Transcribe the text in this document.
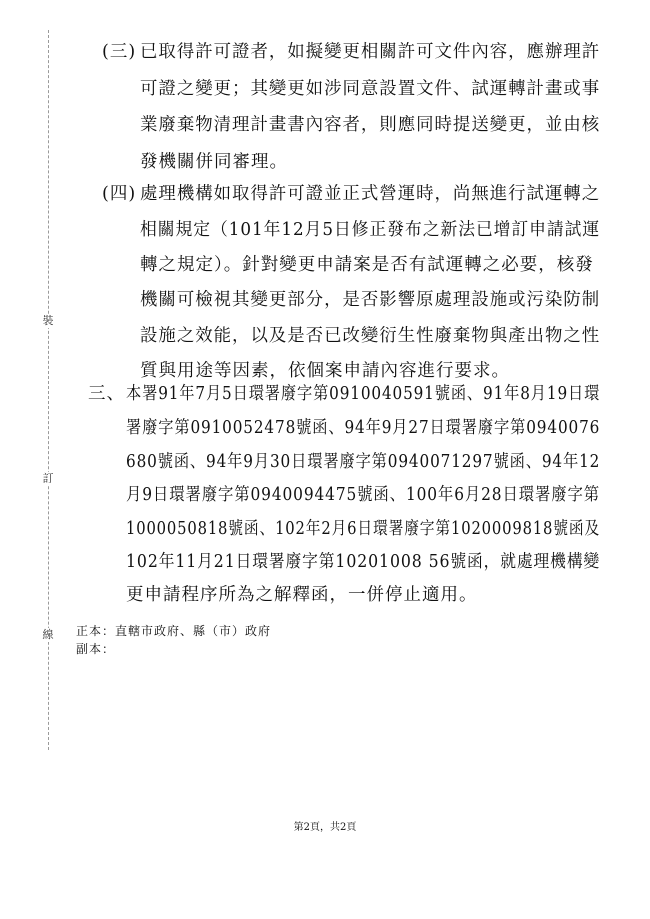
裝
訂
線
(三) 已取得許可證者，如擬變更相關許可文件內容，應辦理許
可證之變更；其變更如涉同意設置文件、試運轉計畫或事
業廢棄物清理計畫書內容者，則應同時提送變更，並由核
發機關併同審理。
(四) 處理機構如取得許可證並正式營運時，尚無進行試運轉之
相關規定（101年12月5日修正發布之新法已增訂申請試運
轉之規定）。針對變更申請案是否有試運轉之必要，核發
機關可檢視其變更部分，是否影響原處理設施或污染防制
設施之效能，以及是否已改變衍生性廢棄物與產出物之性
質與用途等因素，依個案申請內容進行要求。
三、 本署91年7月5日環署廢字第0910040591號函、91年8月19日環
署廢字第0910052478號函、94年9月27日環署廢字第0940076
680號函、94年9月30日環署廢字第0940071297號函、94年12
月9日環署廢字第0940094475號函、100年6月28日環署廢字第
1000050818號函、102年2月6日環署廢字第1020009818號函及
102年11月21日環署廢字第10201008 56號函，就處理機構變
更申請程序所為之解釋函，一併停止適用。
正本：直轄市政府、縣（市）政府
副本：
第2頁，共2頁
